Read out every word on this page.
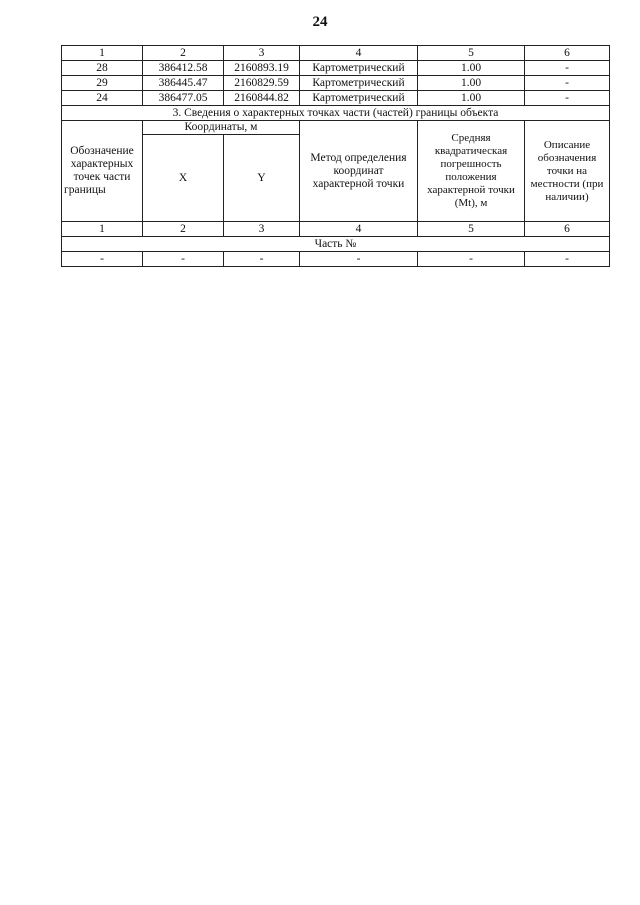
24
1	2	3	4	5	6
28	386412.58	2160893.19	Картометрический	1.00	-
29	386445.47	2160829.59	Картометрический	1.00	-
24	386477.05	2160844.82	Картометрический	1.00	-
3. Сведения о характерных точках части (частей) границы объекта					
Обозначение характерных точек части границы	Координаты, м		Метод определения координат характерной точки	Средняя квадратическая погрешность положения характерной точки (Mt), м	Описание обозначения точки на местности (при наличии)
	X	Y			
1	2	3	4	5	6
Часть №					
-	-	-	-	-	-
